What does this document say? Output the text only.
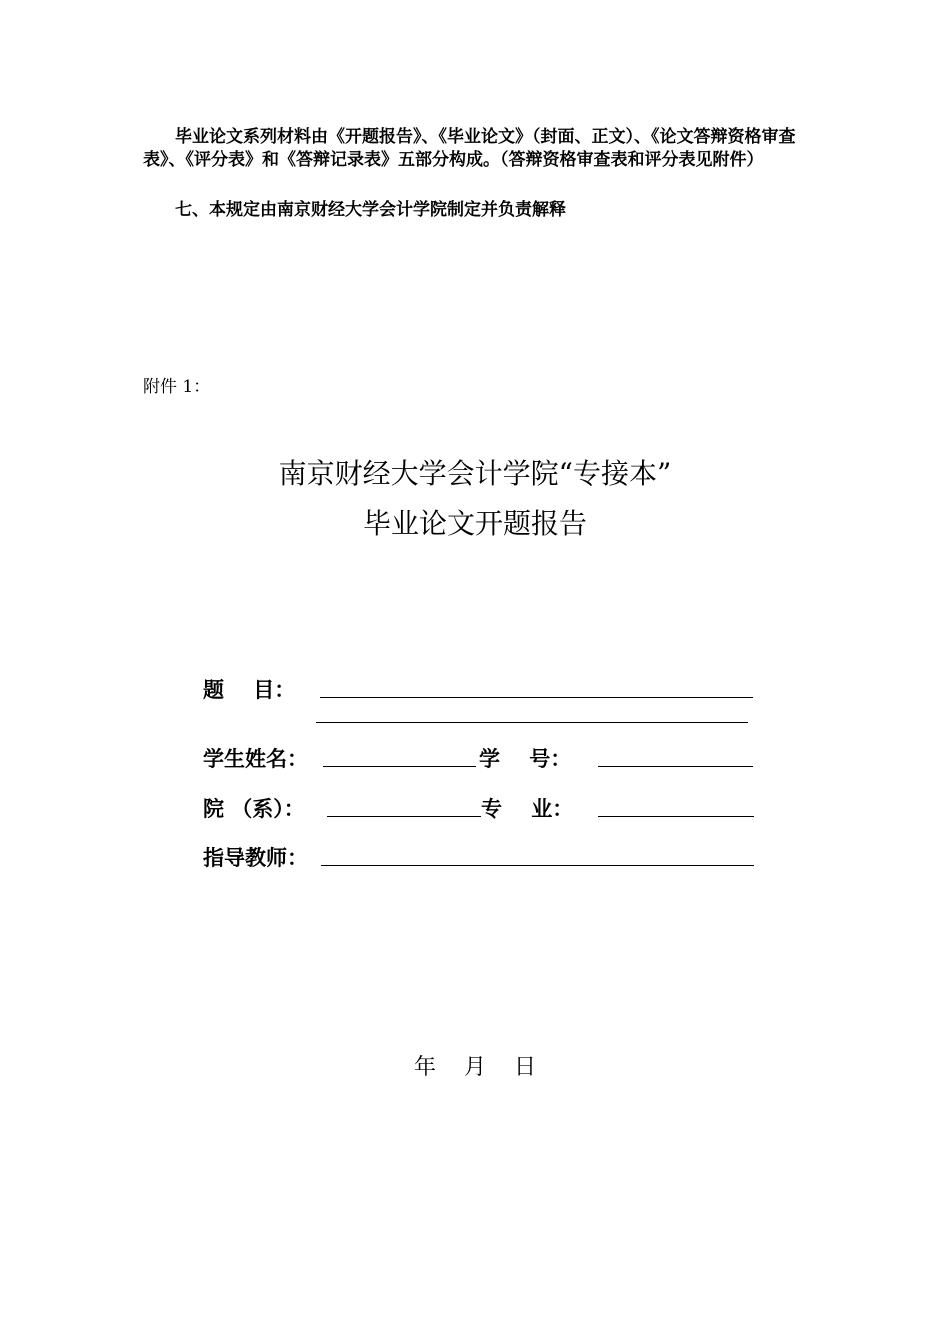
毕业论文系列材料由《开题报告》、《毕业论文》（封面、正文）、《论文答辩资格审查表》、《评分表》和《答辩记录表》五部分构成。（答辩资格审查表和评分表见附件）
七、本规定由南京财经大学会计学院制定并负责解释
附件 1：
南京财经大学会计学院“专接本”
毕业论文开题报告
题    目：
学生姓名：	学    号：
院 （系）：	专    业：
指导教师：
年    月    日
